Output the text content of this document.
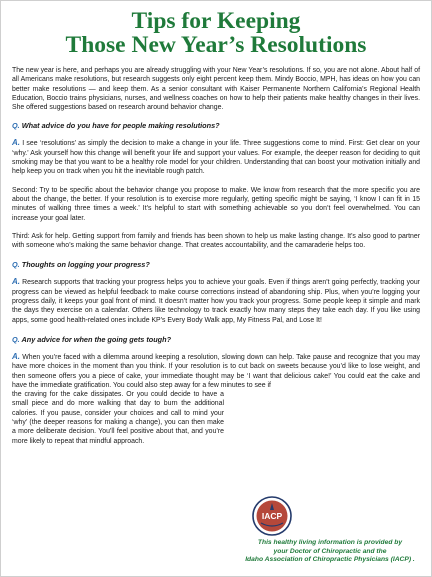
Tips for Keeping
Those New Year’s Resolutions

The new year is here, and perhaps you are already struggling with your New Year’s resolutions. If so, you are not alone. About half of all Americans make resolutions, but research suggests only eight percent keep them. Mindy Boccio, MPH, has ideas on how you can better make resolutions — and keep them. As a senior consultant with Kaiser Permanente Northern California’s Regional Health Education, Boccio trains physicians, nurses, and wellness coaches on how to help their patients make healthy changes in their lives. She offered suggestions based on research around behavior change.

Q. What advice do you have for people making resolutions?

A. I see ‘resolutions’ as simply the decision to make a change in your life. Three suggestions come to mind. First: Get clear on your ‘why.’ Ask yourself how this change will benefit your life and support your values. For example, the deeper reason for deciding to quit smoking may be that you want to be a healthy role model for your children. Understanding that can boost your motivation initially and help keep you on track when you hit the inevitable rough patch.

Second: Try to be specific about the behavior change you propose to make. We know from research that the more specific you are about the change, the better. If your resolution is to exercise more regularly, getting specific might be saying, ‘I know I can fit in 15 minutes of walking three times a week.’ It’s helpful to start with something achievable so you don’t feel overwhelmed. You can increase your goal later.

Third: Ask for help. Getting support from family and friends has been shown to help us make lasting change. It’s also good to partner with someone who’s making the same behavior change. That creates accountability, and the camaraderie helps too.

Q. Thoughts on logging your progress?

A. Research supports that tracking your progress helps you to achieve your goals. Even if things aren’t going perfectly, tracking your progress can be viewed as helpful feedback to make course corrections instead of abandoning ship. Plus, when you’re logging your progress daily, it keeps your goal front of mind. It doesn’t matter how you track your progress. Some people keep it simple and mark the days they exercise on a calendar. Others like technology to track exactly how many steps they take each day. If you like using apps, some good health-related ones include KP’s Every Body Walk app, My Fitness Pal, and Lose It!

Q. Any advice for when the going gets tough?

A. When you’re faced with a dilemma around keeping a resolution, slowing down can help. Take pause and recognize that you may have more choices in the moment than you think. If your resolution is to cut back on sweets because you’d like to lose weight, and then someone offers you a piece of cake, your immediate thought may be ‘I want that delicious cake!’ You could eat the cake and have the immediate gratification. You could also step away for a few minutes to see if

the craving for the cake dissipates. Or you could decide to have a small piece and do more walking that day to burn the additional calories. If you pause, consider your choices and call to mind your ‘why’ (the deeper reasons for making a change), you can then make a more deliberate decision. You’ll feel positive about that, and you’re more likely to repeat that mindful approach.

IACP
This healthy living information is provided by
your Doctor of Chiropractic and the
Idaho Association of Chiropractic Physicians (IACP) .
